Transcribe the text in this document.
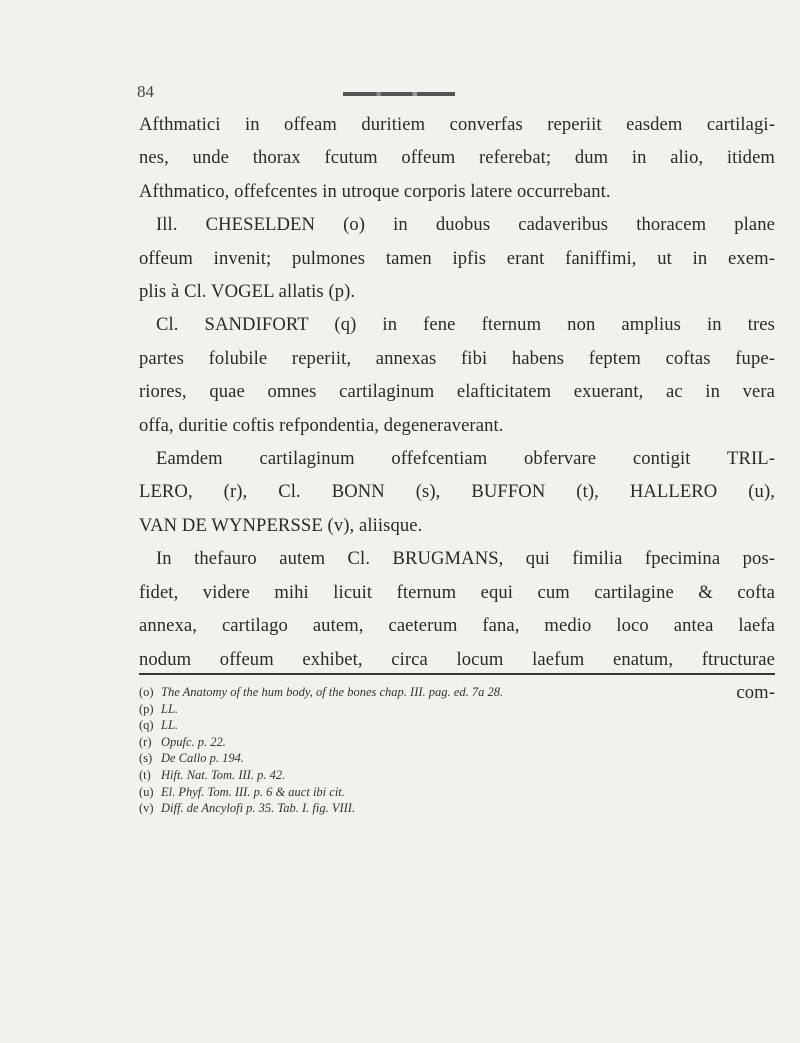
84
Afthmatici in offeam duritiem converfas reperiit easdem cartilagi-
nes, unde thorax fcutum offeum referebat; dum in alio, itidem
Afthmatico, offefcentes in utroque corporis latere occurrebant.
Ill. CHESELDEN (o) in duobus cadaveribus thoracem plane
offeum invenit; pulmones tamen ipfis erant faniffimi, ut in exem-
plis à Cl. VOGEL allatis (p).
Cl. SANDIFORT (q) in fene fternum non amplius in tres
partes folubile reperiit, annexas fibi habens feptem coftas fupe-
riores, quae omnes cartilaginum elafticitatem exuerant, ac in vera
offa, duritie coftis refpondentia, degeneraverant.
Eamdem cartilaginum offefcentiam obfervare contigit TRIL-
LERO, (r), Cl. BONN (s), BUFFON (t), HALLERO (u),
VAN DE WYNPERSSE (v), aliisque.
In thefauro autem Cl. BRUGMANS, qui fimilia fpecimina pos-
fidet, videre mihi licuit fternum equi cum cartilagine & cofta
annexa, cartilago autem, caeterum fana, medio loco antea laefa
nodum offeum exhibet, circa locum laefum enatum, ftructurae
com-
(o) The Anatomy of the hum body, of the bones chap. III. pag. ed. 7a 28.
(p) LL.
(q) LL.
(r) Opufc. p. 22.
(s) De Callo p. 194.
(t) Hift. Nat. Tom. III. p. 42.
(u) El. Phyf. Tom. III. p. 6 & auct ibi cit.
(v) Diff. de Ancylofi p. 35. Tab. I. fig. VIII.
